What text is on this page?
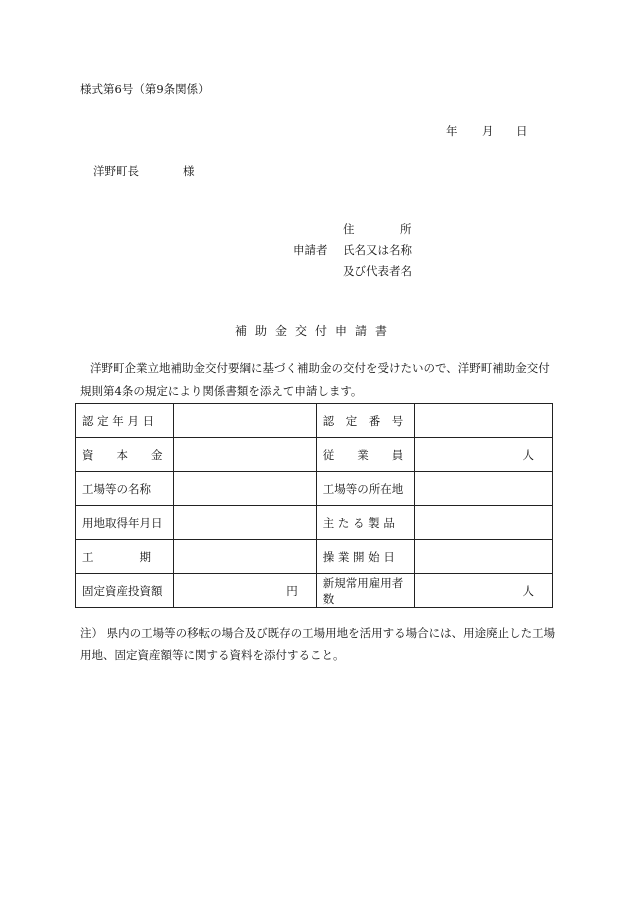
様式第6号（第9条関係）
年 月 日
洋野町長	様
住	所
申請者 氏名又は名称
及び代表者名
補助金交付申請書
洋野町企業立地補助金交付要綱に基づく補助金の交付を受けたいので、洋野町補助金交付規則第4条の規定により関係書類を添えて申請します。
認 定 年 月 日		認　定　番　号	
資　　本　　金		従　　業　　員	人
工場等の名称		工場等の所在地	
用地取得年月日		主 た る 製 品	
工　　　　期		操 業 開 始 日	
固定資産投資額	円	新規常用雇用者数	人
注） 県内の工場等の移転の場合及び既存の工場用地を活用する場合には、用途廃止した工場用地、固定資産額等に関する資料を添付すること。
